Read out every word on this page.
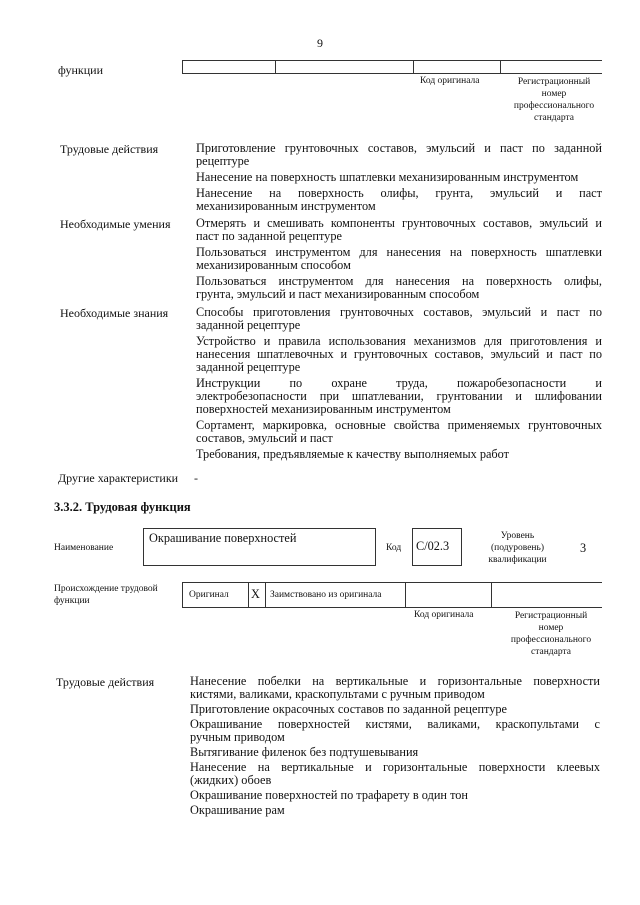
9
функции
Код оригинала	Регистрационный
номер
профессионального
стандарта
Трудовые действия	Приготовление грунтовочных составов, эмульсий и паст по заданной
рецептуре
Нанесение на поверхность шпатлевки механизированным инструментом
Нанесение на поверхность олифы, грунта, эмульсий и паст
механизированным инструментом
Необходимые умения Отмерять и смешивать компоненты грунтовочных составов, эмульсий и
паст по заданной рецептуре
Пользоваться инструментом для нанесения на поверхность шпатлевки
механизированным способом
Пользоваться инструментом для нанесения на поверхность олифы,
грунта, эмульсий и паст механизированным способом
Необходимые знания Способы приготовления грунтовочных составов, эмульсий и паст по
заданной рецептуре
Устройство и правила использования механизмов для приготовления и
нанесения шпатлевочных и грунтовочных составов, эмульсий и паст по
заданной рецептуре
Инструкции по охране труда, пожаробезопасности и
электробезопасности при шпатлевании, грунтовании и шлифовании
поверхностей механизированным инструментом
Сортамент, маркировка, основные свойства применяемых грунтовочных
составов, эмульсий и паст
Требования, предъявляемые к качеству выполняемых работ
Другие характеристики -
3.3.2. Трудовая функция
Наименование
Окрашивание поверхностей
Код C/02.3
Уровень
(подуровень)
квалификации
3
Происхождение трудовой
функции
Оригинал X Заимствовано из оригинала
Код оригинала	Регистрационный
номер
профессионального
стандарта
Трудовые действия	Нанесение побелки на вертикальные и горизонтальные поверхности
кистями, валиками, краскопультами с ручным приводом
Приготовление окрасочных составов по заданной рецептуре
Окрашивание поверхностей кистями, валиками, краскопультами с
ручным приводом
Вытягивание филенок без подтушевывания
Нанесение на вертикальные и горизонтальные поверхности клеевых
(жидких) обоев
Окрашивание поверхностей по трафарету в один тон
Окрашивание рам
